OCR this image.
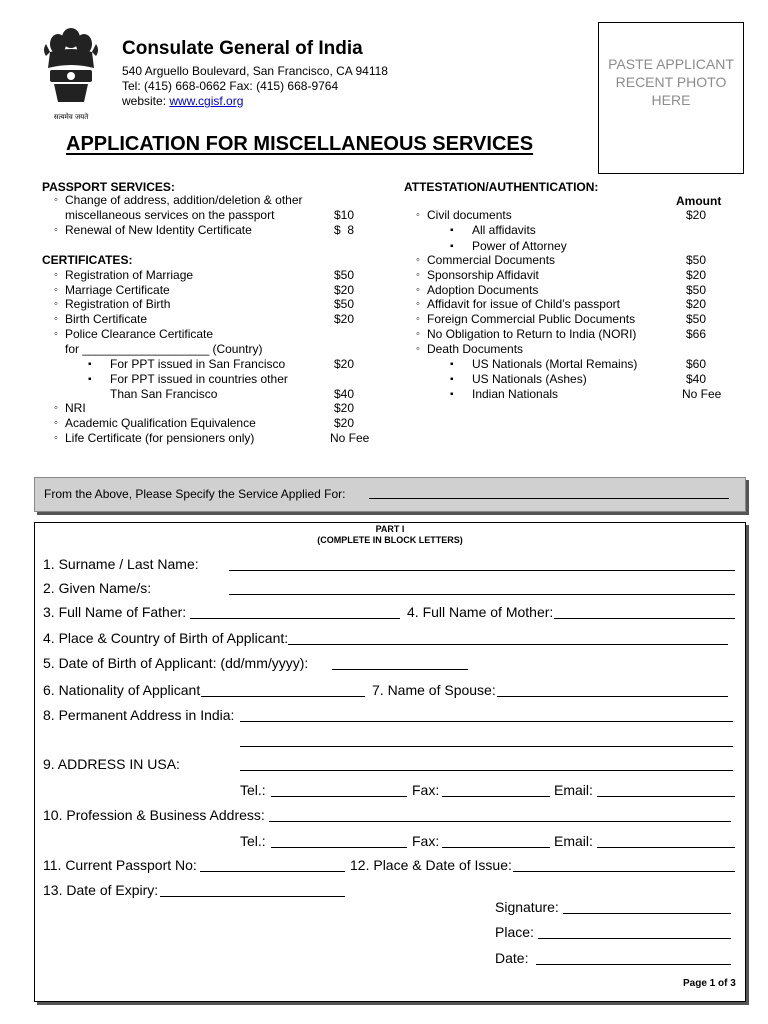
सत्यमेव जयते
Consulate General of India
540 Arguello Boulevard, San Francisco, CA 94118
Tel: (415) 668-0662 Fax: (415) 668-9764
website: www.cgisf.org
PASTE APPLICANT RECENT PHOTO HERE
APPLICATION FOR MISCELLANEOUS SERVICES
PASSPORT SERVICES:
◦ Change of address, addition/deletion & other
miscellaneous services on the passport	$10
◦ Renewal of New Identity Certificate	$  8
CERTIFICATES:
◦ Registration of Marriage	$50
◦ Marriage Certificate	$20
◦ Registration of Birth	$50
◦ Birth Certificate	$20
◦ Police Clearance Certificate
for ___________________ (Country)
▪ For PPT issued in San Francisco	$20
▪ For PPT issued in countries other
Than San Francisco	$40
◦ NRI	$20
◦ Academic Qualification Equivalence	$20
◦ Life Certificate (for pensioners only)	No Fee
ATTESTATION/AUTHENTICATION:
Amount
◦ Civil documents	$20
▪ All affidavits
▪ Power of Attorney
◦ Commercial Documents	$50
◦ Sponsorship Affidavit	$20
◦ Adoption Documents	$50
◦ Affidavit for issue of Child’s passport	$20
◦ Foreign Commercial Public Documents	$50
◦ No Obligation to Return to India (NORI)	$66
◦ Death Documents
▪ US Nationals (Mortal Remains)	$60
▪ US Nationals (Ashes)	$40
▪ Indian Nationals	No Fee
From the Above, Please Specify the Service Applied For:
PART I
(COMPLETE IN BLOCK LETTERS)
1. Surname / Last Name:
2. Given Name/s:
3. Full Name of Father:	4. Full Name of Mother:
4. Place & Country of Birth of Applicant:
5. Date of Birth of Applicant: (dd/mm/yyyy):
6. Nationality of Applicant	7. Name of Spouse:
8. Permanent Address in India:
9. ADDRESS IN USA:
Tel.:	Fax:	Email:
10. Profession & Business Address:
Tel.:	Fax:	Email:
11. Current Passport No:	12. Place & Date of Issue:
13. Date of Expiry:
Signature:
Place:
Date:
Page 1 of 3
